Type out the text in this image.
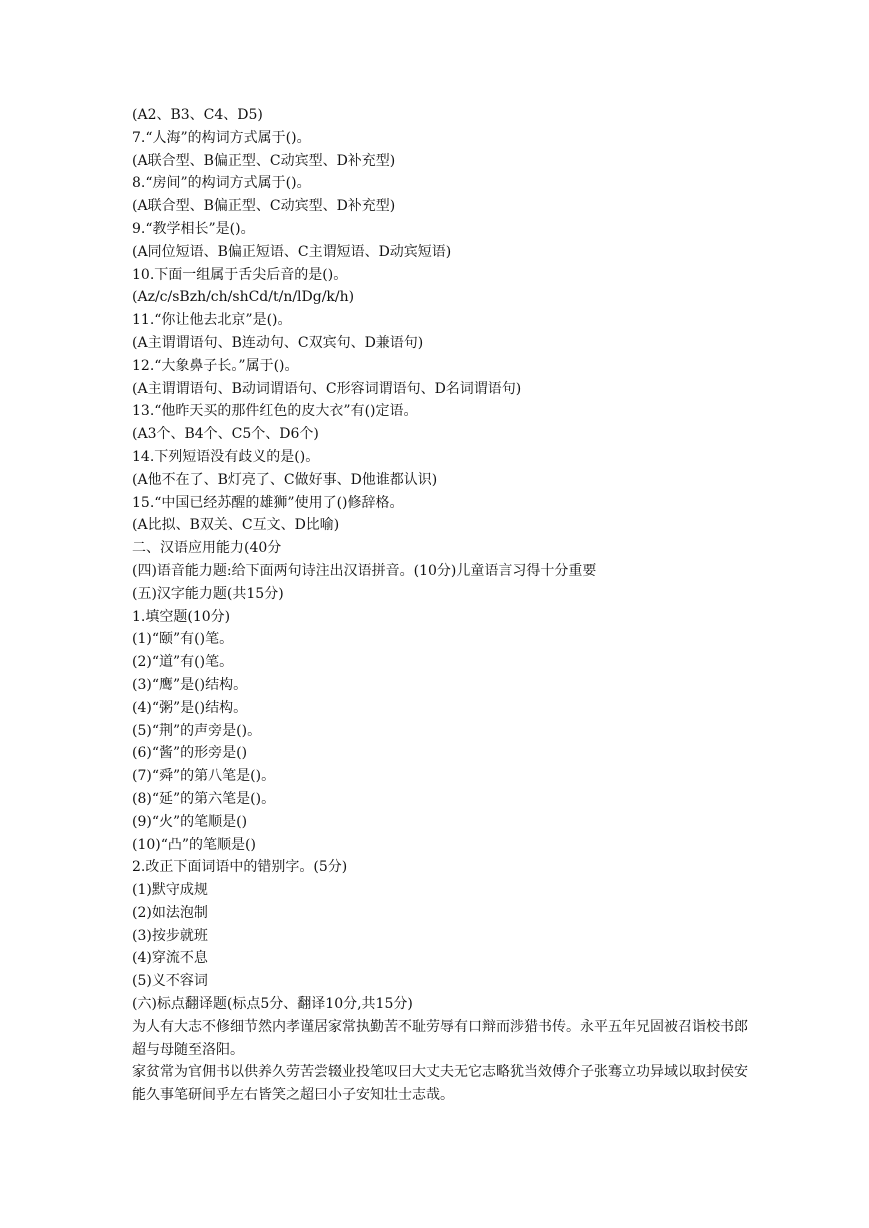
(A2、B3、C4、D5)
7.“人海”的构词方式属于()。
(A联合型、B偏正型、C动宾型、D补充型)
8.“房间”的构词方式属于()。
(A联合型、B偏正型、C动宾型、D补充型)
9.“教学相长”是()。
(A同位短语、B偏正短语、C主谓短语、D动宾短语)
10.下面一组属于舌尖后音的是()。
(Az/c/sBzh/ch/shCd/t/n/lDg/k/h)
11.“你让他去北京”是()。
(A主谓谓语句、B连动句、C双宾句、D兼语句)
12.“大象鼻子长。”属于()。
(A主谓谓语句、B动词谓语句、C形容词谓语句、D名词谓语句)
13.“他昨天买的那件红色的皮大衣”有()定语。
(A3个、B4个、C5个、D6个)
14.下列短语没有歧义的是()。
(A他不在了、B灯亮了、C做好事、D他谁都认识)
15.“中国已经苏醒的雄狮”使用了()修辞格。
(A比拟、B双关、C互文、D比喻)
二、汉语应用能力(40分
(四)语音能力题:给下面两句诗注出汉语拼音。(10分)儿童语言习得十分重要
(五)汉字能力题(共15分)
1.填空题(10分)
(1)“颐”有()笔。
(2)“道”有()笔。
(3)“鹰”是()结构。
(4)“粥”是()结构。
(5)“荆”的声旁是()。
(6)“酱”的形旁是()
(7)“舜”的第八笔是()。
(8)“延”的第六笔是()。
(9)“火”的笔顺是()
(10)“凸”的笔顺是()
2.改正下面词语中的错别字。(5分)
(1)默守成规
(2)如法泡制
(3)按步就班
(4)穿流不息
(5)义不容词
(六)标点翻译题(标点5分、翻译10分,共15分)
为人有大志不修细节然内孝谨居家常执勤苦不耻劳辱有口辩而涉猎书传。永平五年兄固被召诣校书郎超与母随至洛阳。
家贫常为官佣书以供养久劳苦尝辍业投笔叹曰大丈夫无它志略犹当效傅介子张骞立功异域以取封侯安能久事笔研间乎左右皆笑之超曰小子安知壮士志哉。
